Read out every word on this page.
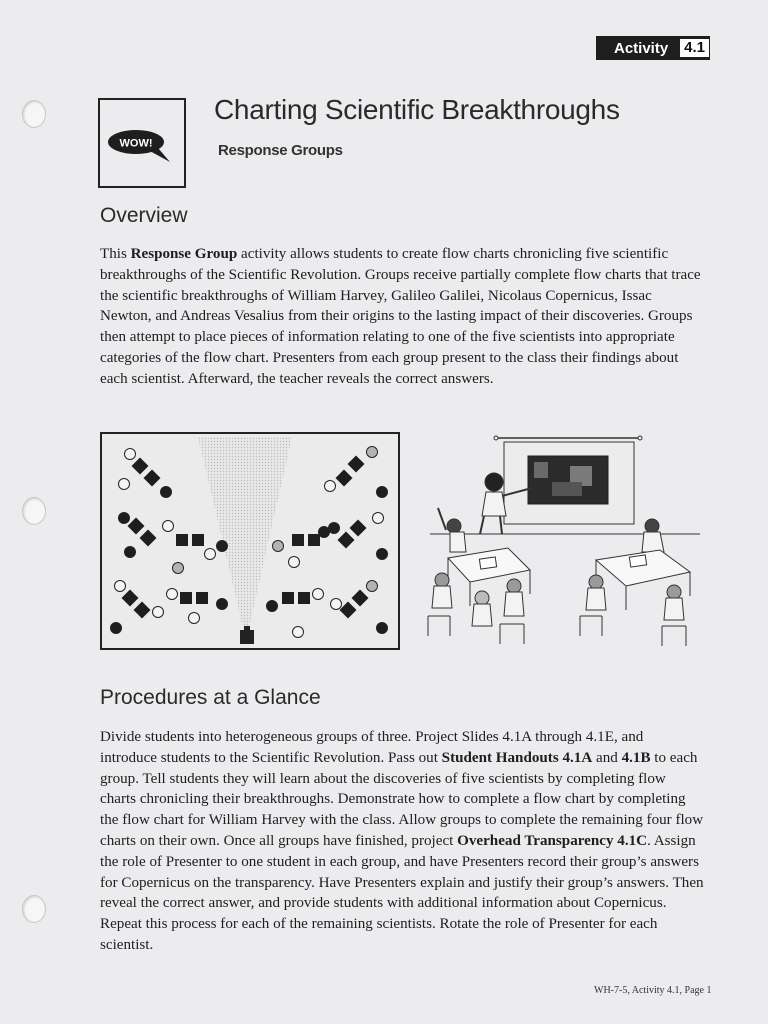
Activity	4.1
WOW!
Charting Scientific Breakthroughs
Response Groups
Overview
This Response Group activity allows students to create flow charts chronicling five scientific breakthroughs of the Scientific Revolution. Groups receive partially complete flow charts that trace the scientific breakthroughs of William Harvey, Galileo Galilei, Nicolaus Copernicus, Issac Newton, and Andreas Vesalius from their origins to the lasting impact of their discoveries. Groups then attempt to place pieces of information relating to one of the five scientists into appropriate categories of the flow chart. Presenters from each group present to the class their findings about each scientist. Afterward, the teacher reveals the correct answers.
Procedures at a Glance
Divide students into heterogeneous groups of three. Project Slides 4.1A through 4.1E, and introduce students to the Scientific Revolution. Pass out Student Handouts 4.1A and 4.1B to each group. Tell students they will learn about the discoveries of five scientists by completing flow charts chronicling their breakthroughs. Demonstrate how to complete a flow chart by completing the flow chart for William Harvey with the class. Allow groups to complete the remaining four flow charts on their own. Once all groups have finished, project Overhead Transparency 4.1C. Assign the role of Presenter to one student in each group, and have Presenters record their group’s answers for Copernicus on the transparency. Have Presenters explain and justify their group’s answers. Then reveal the correct answer, and provide students with additional information about Copernicus. Repeat this process for each of the remaining scientists. Rotate the role of Presenter for each scientist.
WH-7-5, Activity 4.1, Page 1
